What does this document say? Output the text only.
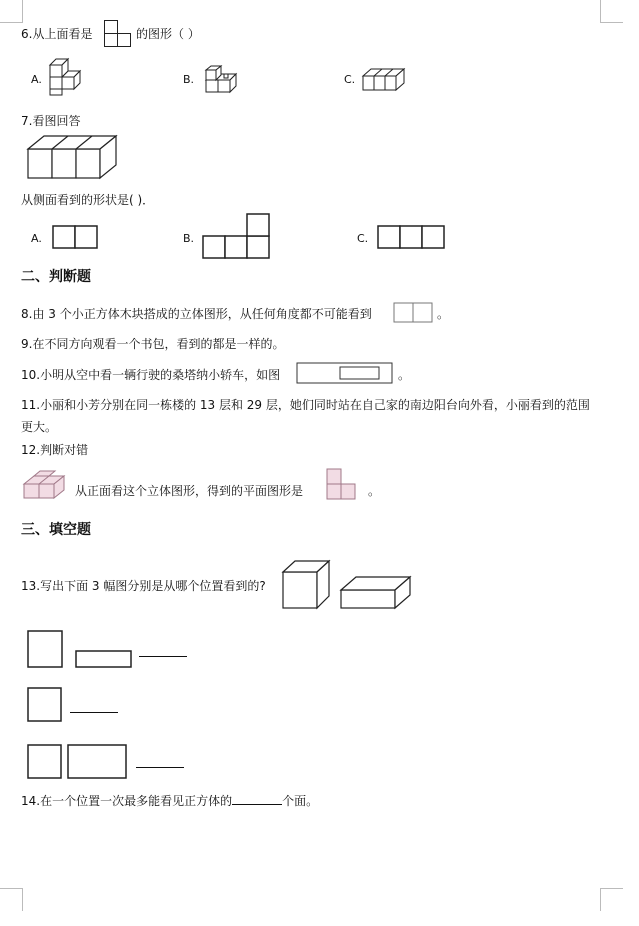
6.从上面看是	的图形（ ）
A.	B.	C.
7.看图回答
从侧面看到的形状是( )．
A.	B.	C.
二、判断题
8.由 3 个小正方体木块搭成的立体图形，从任何角度都不可能看到	。
9.在不同方向观看一个书包，看到的都是一样的。
10.小明从空中看一辆行驶的桑塔纳小轿车，如图	。
11.小丽和小芳分别在同一栋楼的 13 层和 29 层，她们同时站在自己家的南边阳台向外看，小丽看到的范围
更大。
12.判断对错
从正面看这个立体图形，得到的平面图形是	。
三、填空题
13.写出下面 3 幅图分别是从哪个位置看到的?
14.在一个位置一次最多能看见正方体的	个面。
